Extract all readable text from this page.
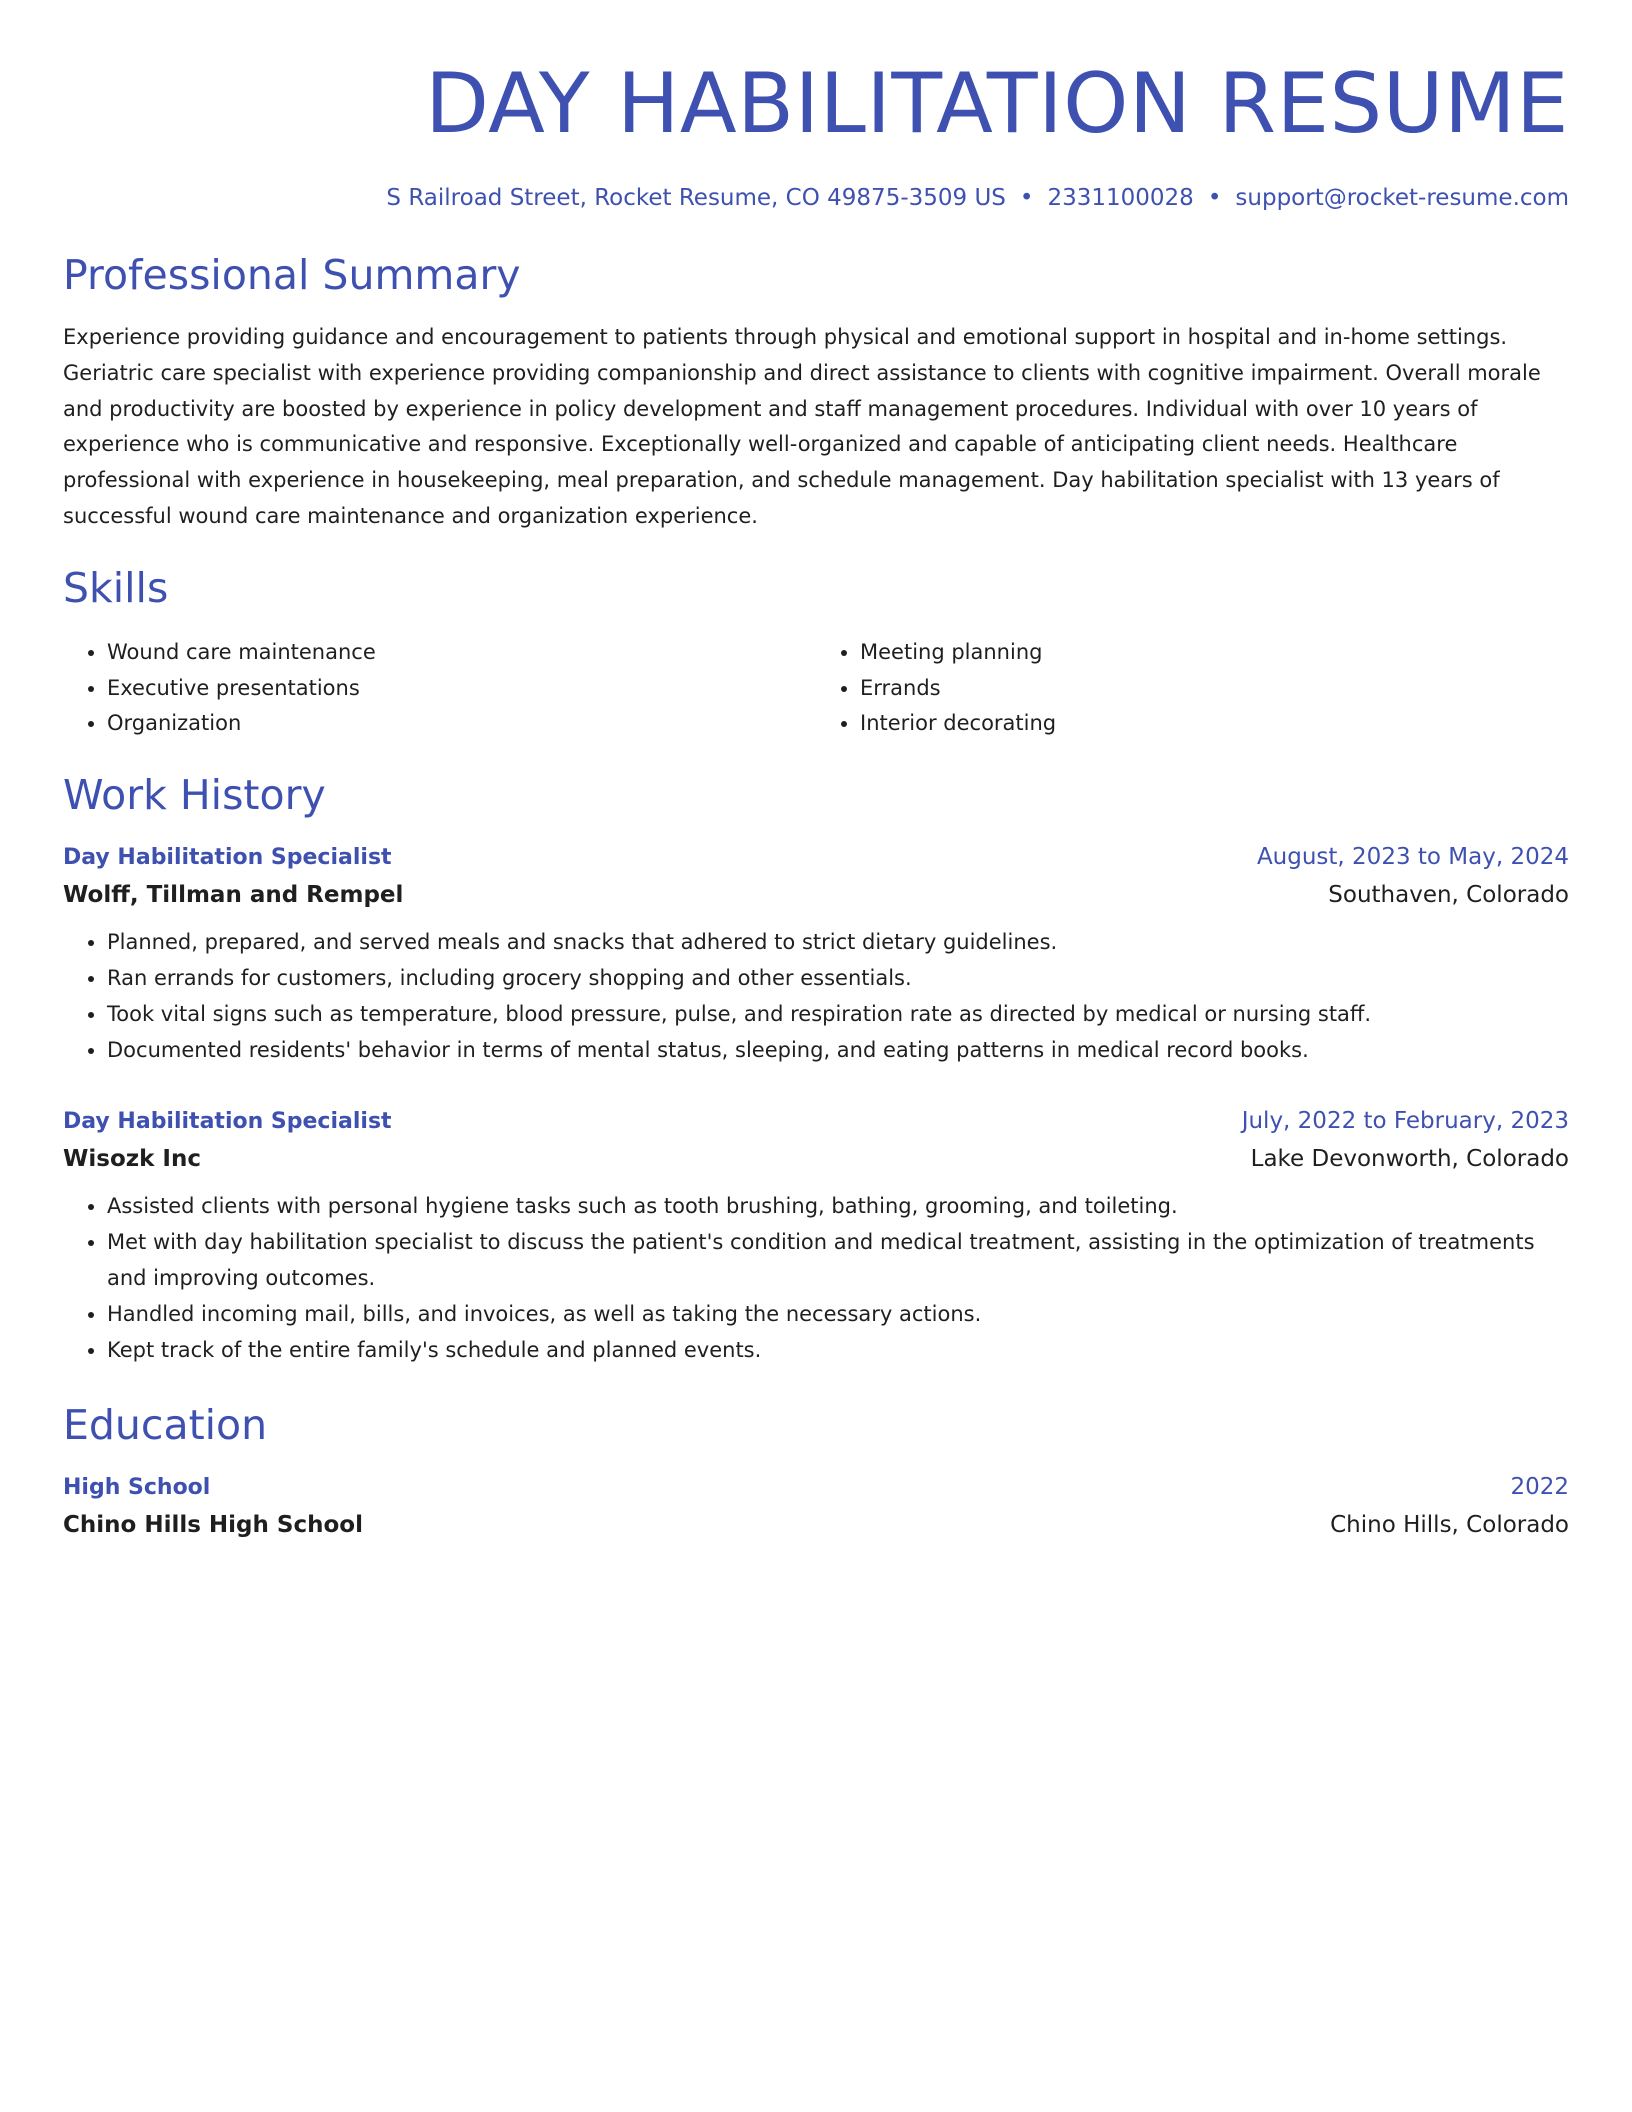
DAY HABILITATION RESUME
S Railroad Street, Rocket Resume, CO 49875-3509 US • 2331100028 • support@rocket-resume.com
Professional Summary

Experience providing guidance and encouragement to patients through physical and emotional support in hospital and in-home settings. Geriatric care specialist with experience providing companionship and direct assistance to clients with cognitive impairment. Overall morale and productivity are boosted by experience in policy development and staff management procedures. Individual with over 10 years of experience who is communicative and responsive. Exceptionally well-organized and capable of anticipating client needs. Healthcare professional with experience in housekeeping, meal preparation, and schedule management. Day habilitation specialist with 13 years of successful wound care maintenance and organization experience.

Skills
• Wound care maintenance
• Executive presentations
• Organization
• Meeting planning
• Errands
• Interior decorating
Work History
Day Habilitation Specialist	August, 2023 to May, 2024
Wolff, Tillman and Rempel	Southaven, Colorado
• Planned, prepared, and served meals and snacks that adhered to strict dietary guidelines.
• Ran errands for customers, including grocery shopping and other essentials.
• Took vital signs such as temperature, blood pressure, pulse, and respiration rate as directed by medical or nursing staff.
• Documented residents' behavior in terms of mental status, sleeping, and eating patterns in medical record books.
Day Habilitation Specialist	July, 2022 to February, 2023
Wisozk Inc	Lake Devonworth, Colorado
• Assisted clients with personal hygiene tasks such as tooth brushing, bathing, grooming, and toileting.
• Met with day habilitation specialist to discuss the patient's condition and medical treatment, assisting in the optimization of treatments and improving outcomes.
• Handled incoming mail, bills, and invoices, as well as taking the necessary actions.
• Kept track of the entire family's schedule and planned events.
Education
High School	2022
Chino Hills High School	Chino Hills, Colorado
